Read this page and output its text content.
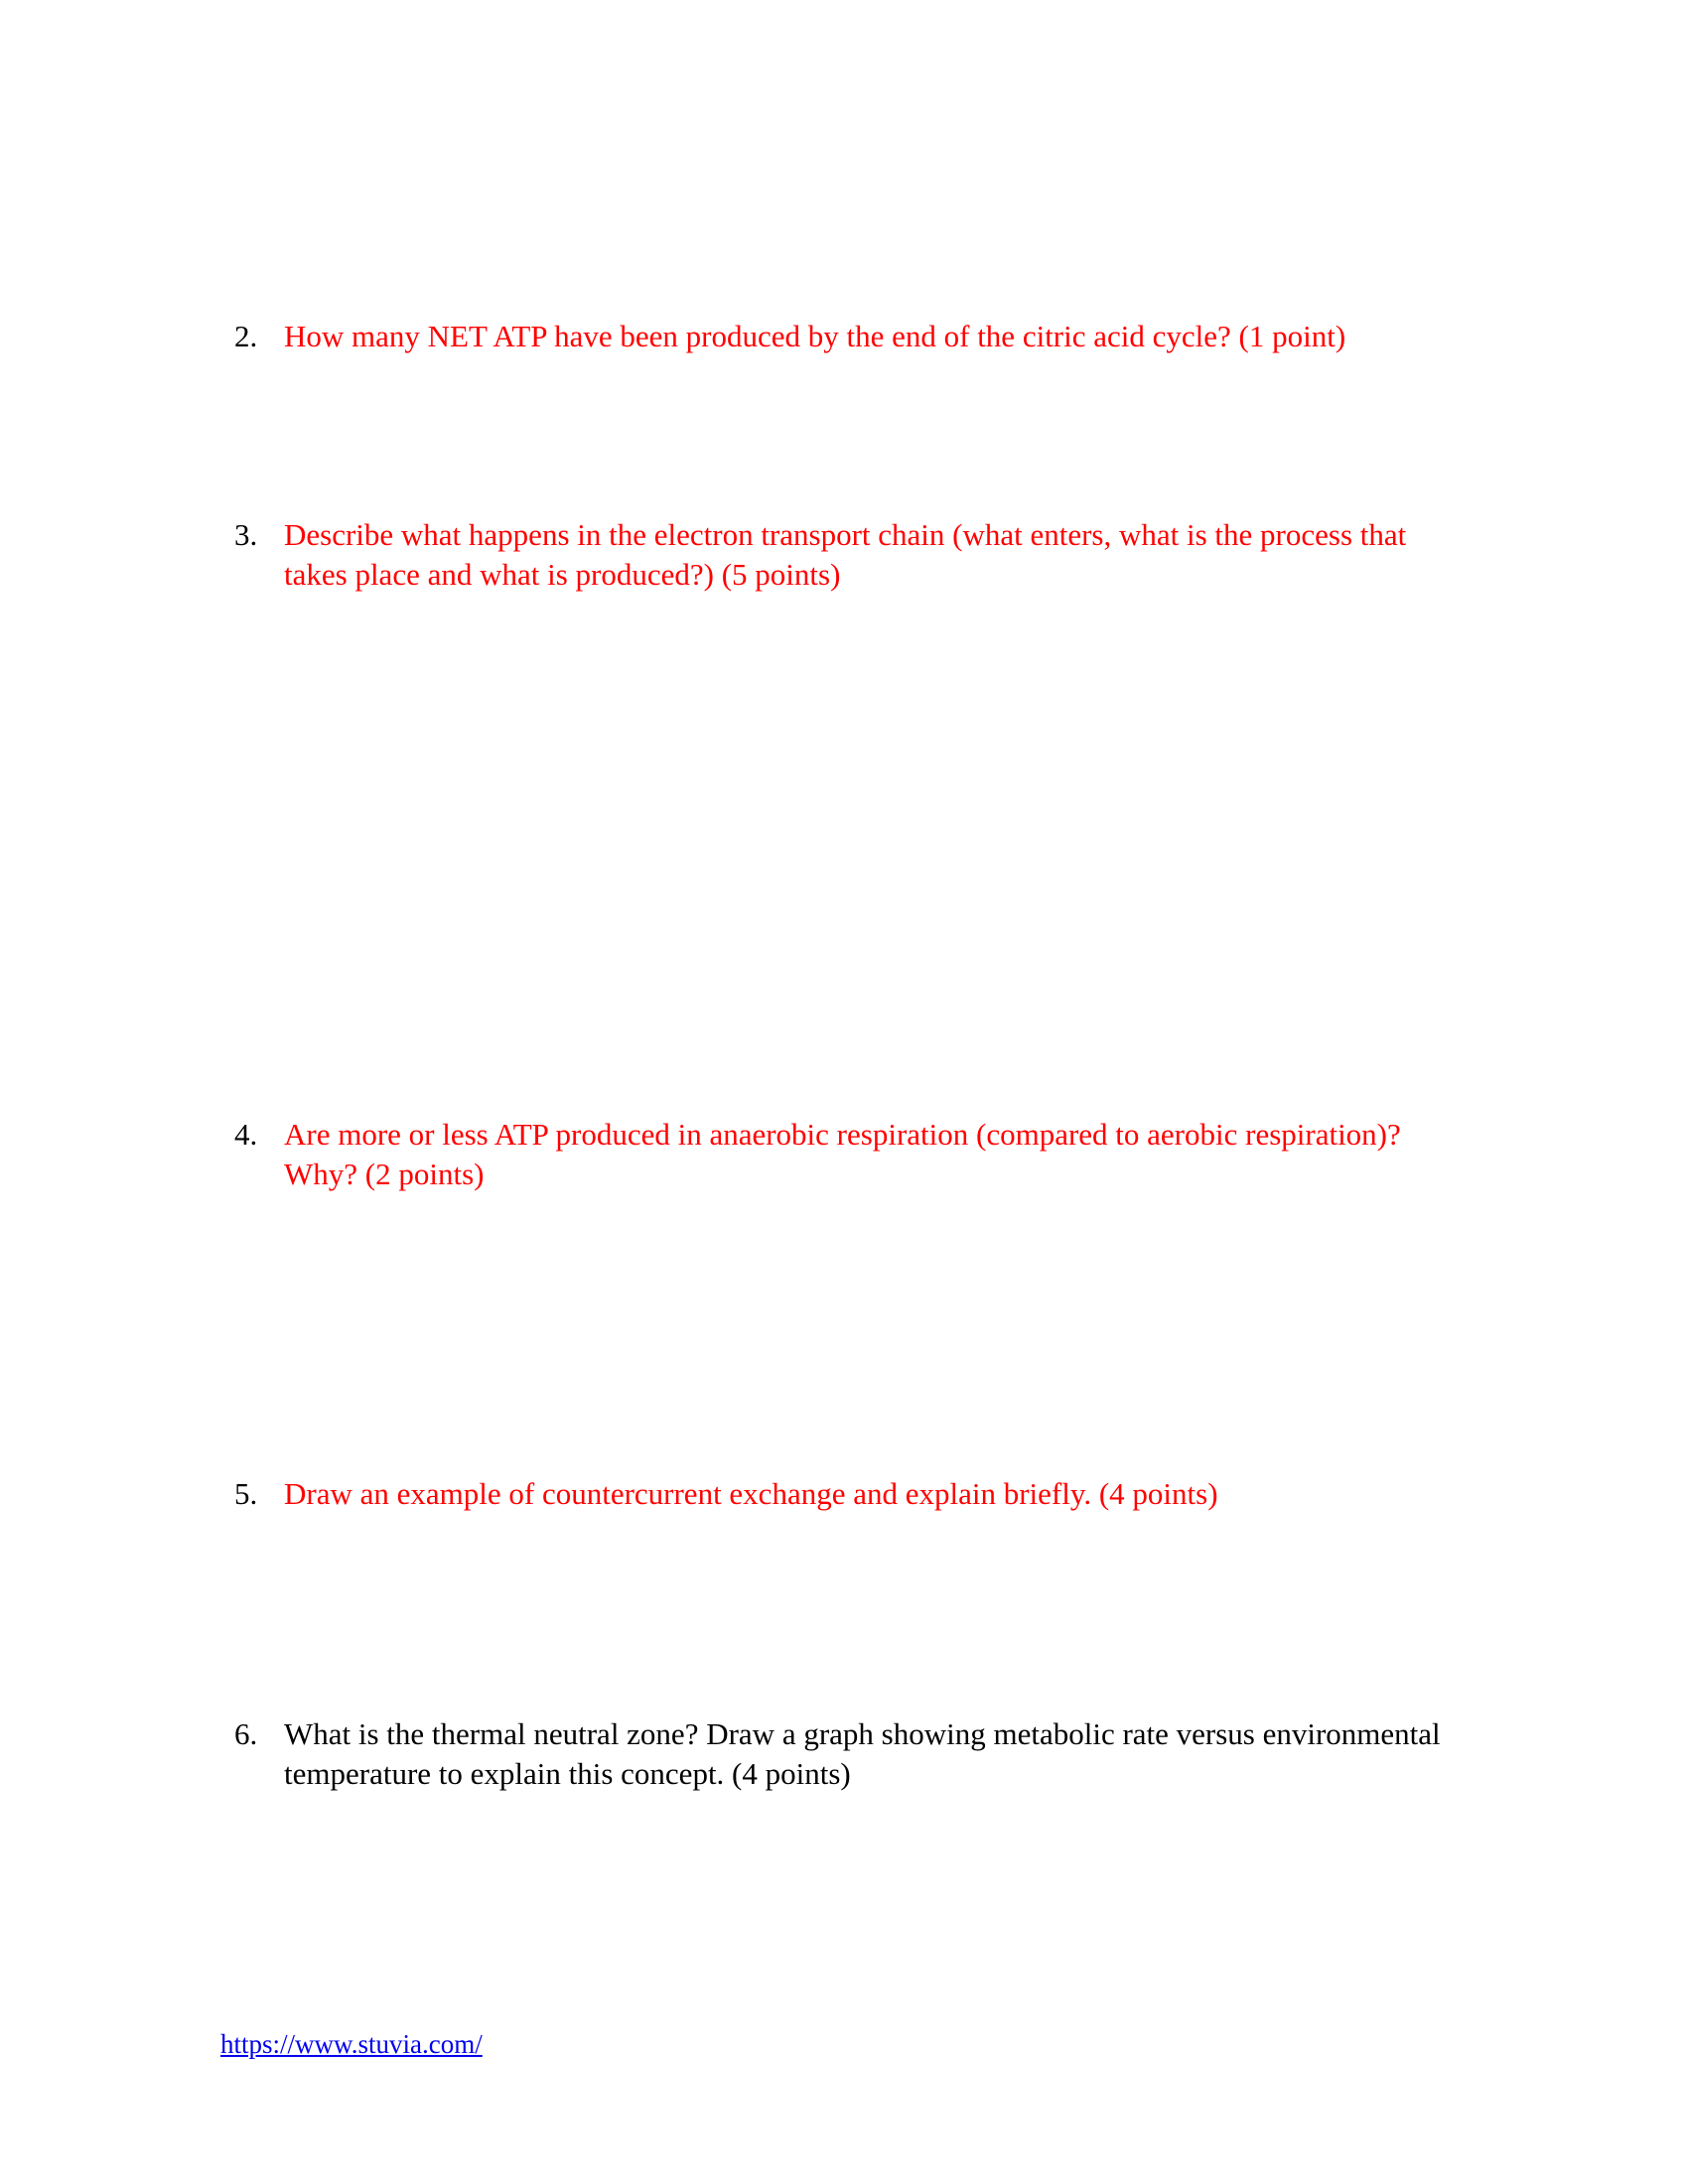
2. How many NET ATP have been produced by the end of the citric acid cycle? (1 point)
3. Describe what happens in the electron transport chain (what enters, what is the process that takes place and what is produced?) (5 points)
4. Are more or less ATP produced in anaerobic respiration (compared to aerobic respiration)? Why? (2 points)
5. Draw an example of countercurrent exchange and explain briefly. (4 points)
6. What is the thermal neutral zone? Draw a graph showing metabolic rate versus environmental temperature to explain this concept. (4 points)
https://www.stuvia.com/
